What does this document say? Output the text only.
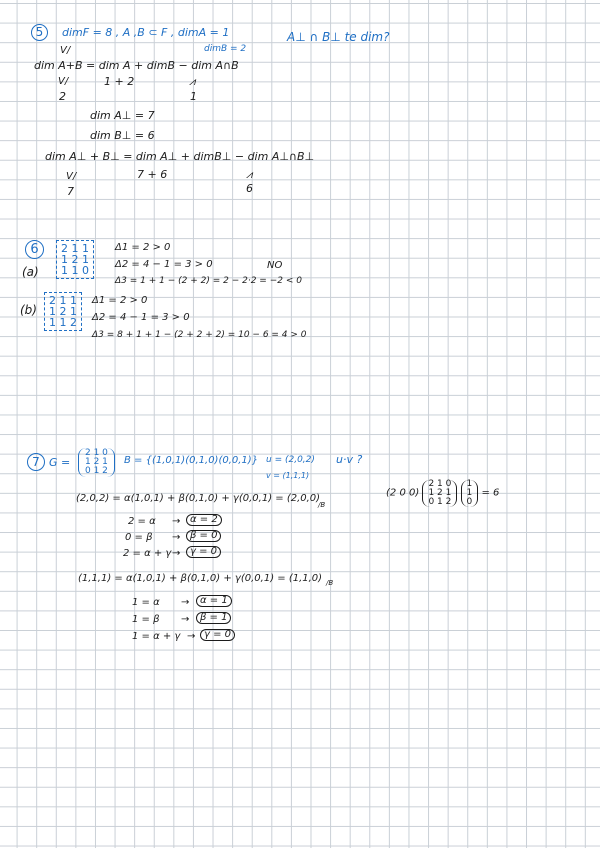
5	dimF = 8 , A ,B ⊂ F , dimA = 1
dimB = 2
A⊥ ∩ B⊥ te dim?
V/
dim A+B = dim A + dimB − dim A∩B
V/	1 + 2	⩘
2	1
dim A⊥ = 7
dim B⊥ = 6
dim A⊥ + B⊥ = dim A⊥ + dimB⊥ − dim A⊥∩B⊥
V/	7 + 6	⩘
7	6
6
(a)
2 1 1
1 2 1
1 1 0
Δ1 = 2 > 0
Δ2 = 4 − 1 = 3 > 0
Δ3 = 1 + 1 − (2 + 2) = 2 − 2·2 = −2 < 0
NO
(b)
2 1 1
1 2 1
1 1 2
Δ1 = 2 > 0
Δ2 = 4 − 1 = 3 > 0
Δ3 = 8 + 1 + 1 − (2 + 2 + 2) = 10 − 6 = 4 > 0
7 G =
2 1 0
1 2 1
0 1 2
B = {(1,0,1)(0,1,0)(0,0,1)} u = (2,0,2)
v = (1,1,1)
u·v ?
(2,0,2) = α(1,0,1) + β(0,1,0) + γ(0,0,1) = (2,0,0)
/B
2 = α
0 = β
2 = α + γ
→
→
→
α = 2
β = 0
γ = 0
(2 0 0)
2 1 0
1 2 1
0 1 2

1
1
0
= 6
(1,1,1) = α(1,0,1) + β(0,1,0) + γ(0,0,1) = (1,1,0) /B
1 = α
1 = β
1 = α + γ
→
→
→
α = 1
β = 1
γ = 0
